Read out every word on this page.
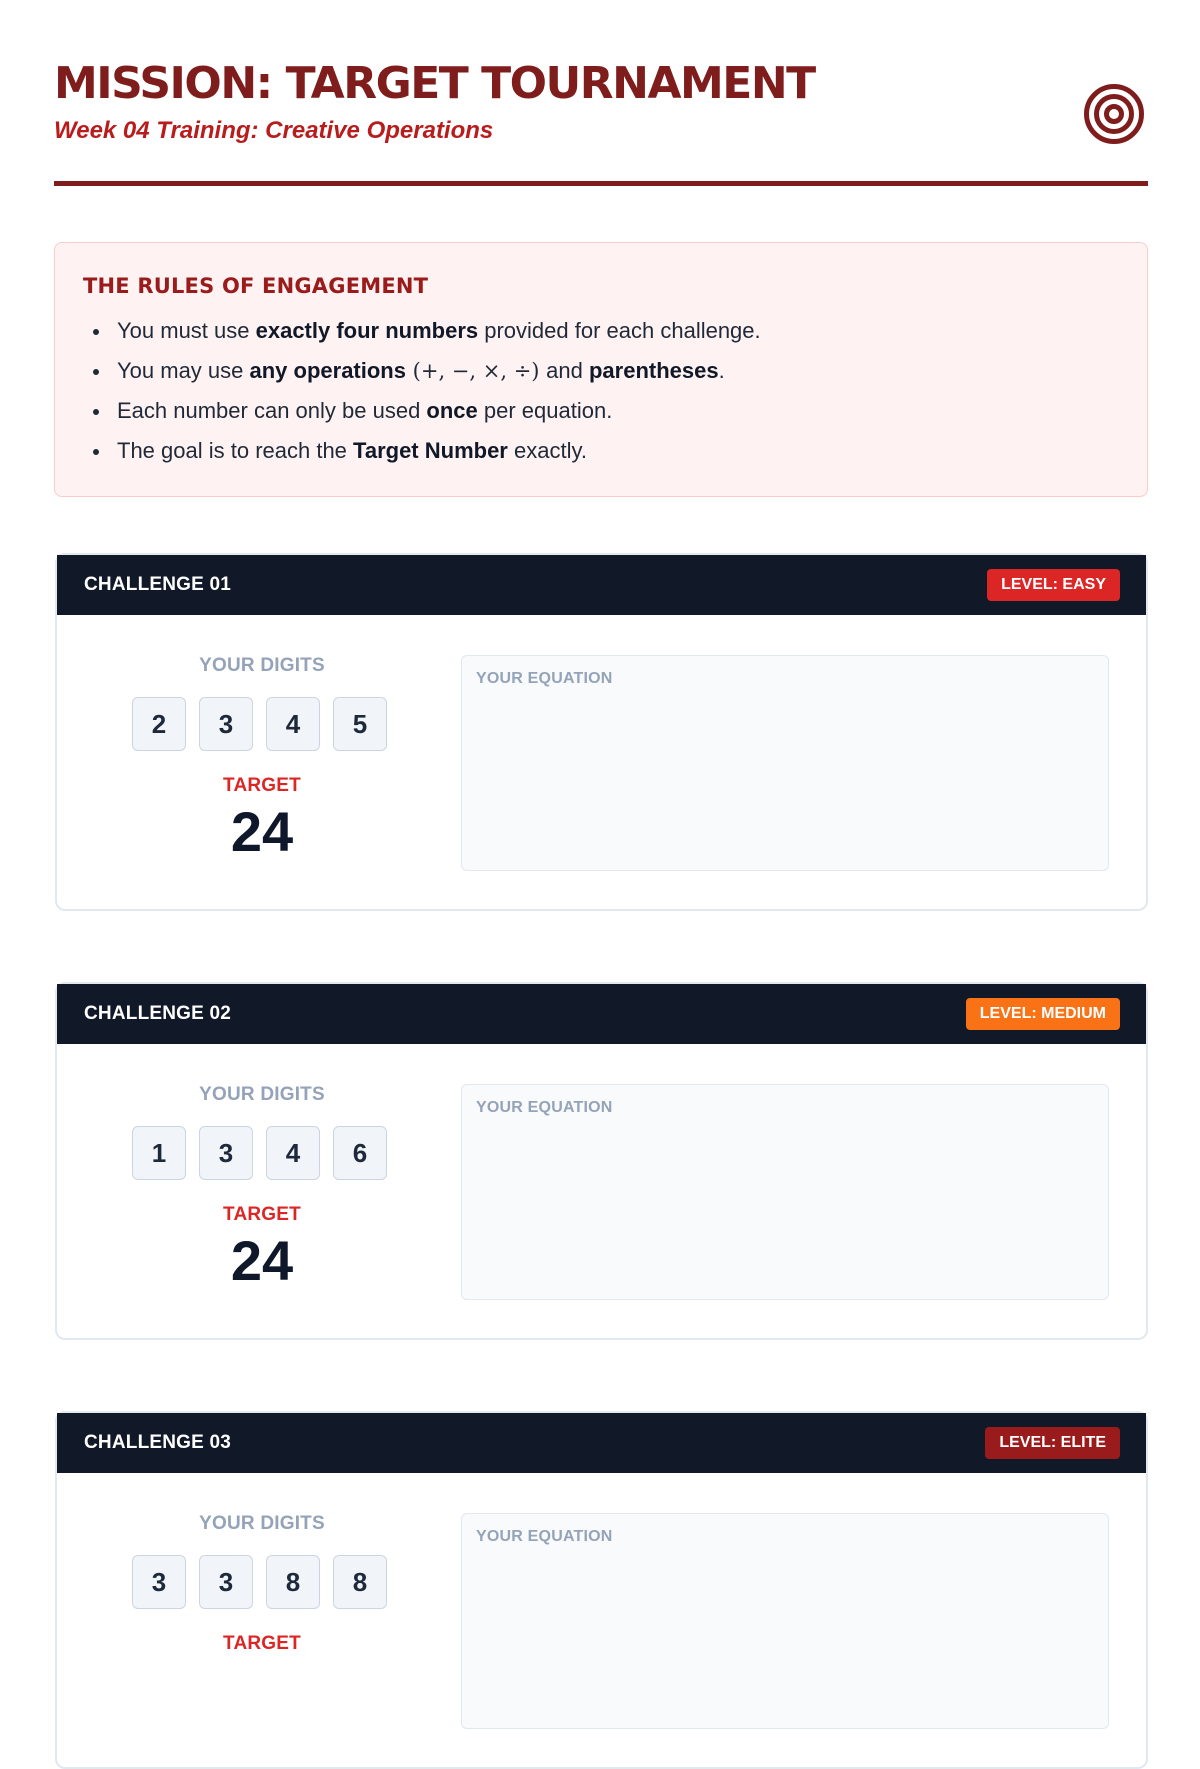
MISSION: TARGET TOURNAMENT
Week 04 Training: Creative Operations
THE RULES OF ENGAGEMENT
You must use exactly four numbers provided for each challenge.
You may use any operations (+, −, ×, ÷) and parentheses.
Each number can only be used once per equation.
The goal is to reach the Target Number exactly.
CHALLENGE 01	LEVEL: EASY
YOUR DIGITS
2	3	4	5
TARGET
24
YOUR EQUATION
CHALLENGE 02	LEVEL: MEDIUM
YOUR DIGITS
1	3	4	6
TARGET
24
YOUR EQUATION
CHALLENGE 03	LEVEL: ELITE
YOUR DIGITS
3	3	8	8
TARGET
YOUR EQUATION
